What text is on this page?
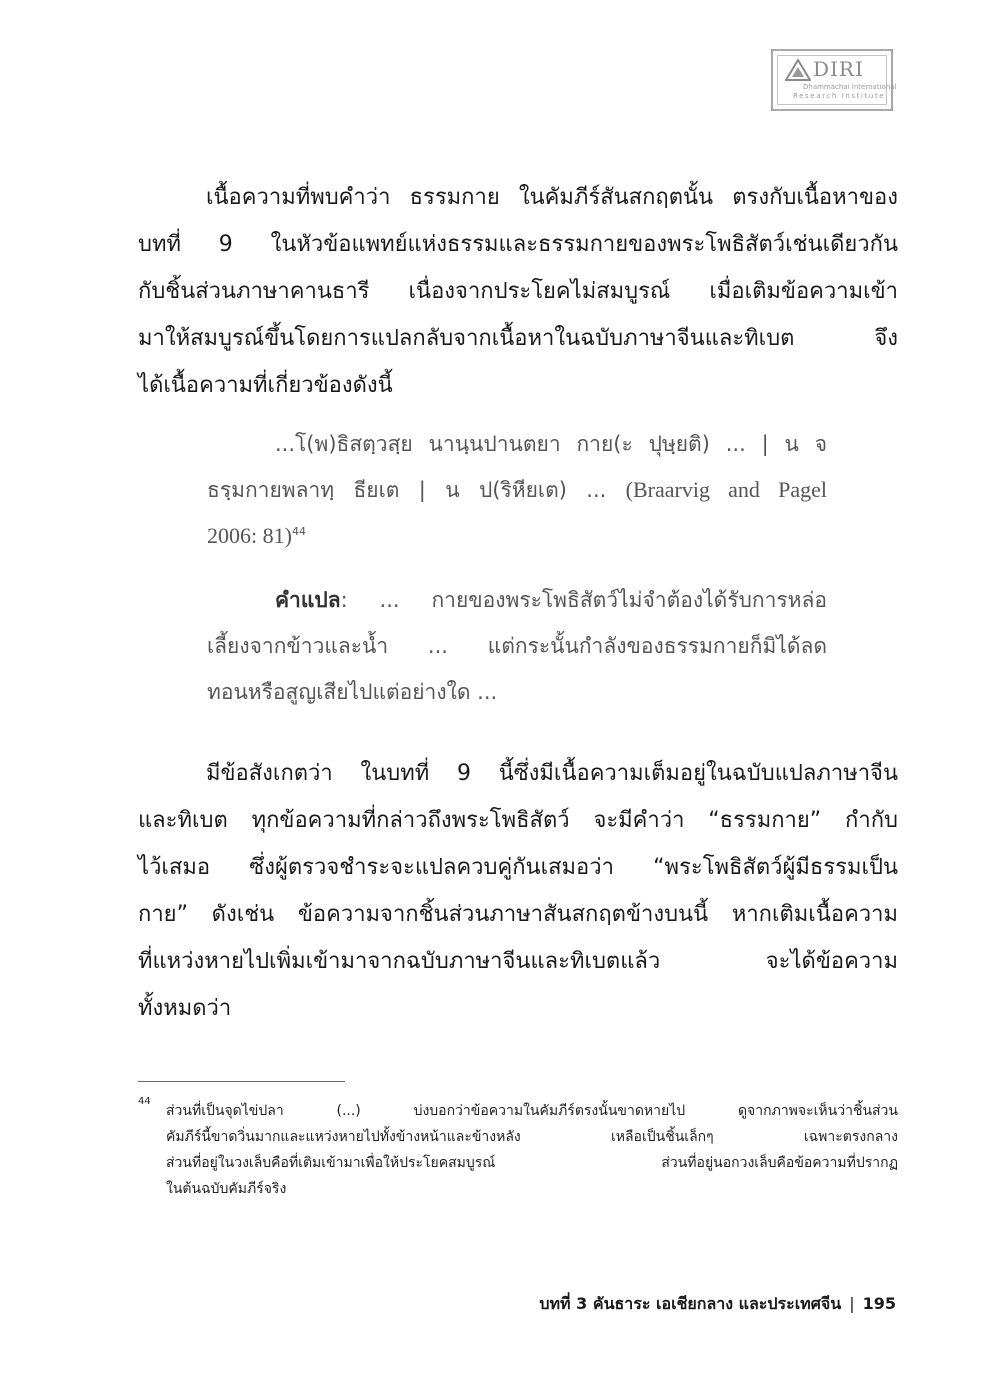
DIRI
Dhammachai International
Research Institute
เนื้อความที่พบคำว่า ธรรมกาย ในคัมภีร์สันสกฤตนั้น ตรงกับเนื้อหาของ
บทที่ 9 ในหัวข้อแพทย์แห่งธรรมและธรรมกายของพระโพธิสัตว์เช่นเดียวกัน
กับชิ้นส่วนภาษาคานธารี เนื่องจากประโยคไม่สมบูรณ์ เมื่อเติมข้อความเข้า
มาให้สมบูรณ์ขึ้นโดยการแปลกลับจากเนื้อหาในฉบับภาษาจีนและทิเบต จึง
ได้เนื้อความที่เกี่ยวข้องดังนี้
...โ(พ)ธิสตฺวสฺย นานฺนปานตยา กาย(ะ ปุษฺยติ) ... | น จ
ธรฺมกายพลาทฺ ธียเต | น ป(ริหียเต) ... (Braarvig and Pagel
2006: 81)$^{44}$
คำแปล: ... กายของพระโพธิสัตว์ไม่จำต้องได้รับการหล่อ
เลี้ยงจากข้าวและน้ำ ... แต่กระนั้นกำลังของธรรมกายก็มิได้ลด
ทอนหรือสูญเสียไปแต่อย่างใด ...
มีข้อสังเกตว่า ในบทที่ 9 นี้ซึ่งมีเนื้อความเต็มอยู่ในฉบับแปลภาษาจีน
และทิเบต ทุกข้อความที่กล่าวถึงพระโพธิสัตว์ จะมีคำว่า “ธรรมกาย” กำกับ
ไว้เสมอ ซึ่งผู้ตรวจชำระจะแปลควบคู่กันเสมอว่า “พระโพธิสัตว์ผู้มีธรรมเป็น
กาย” ดังเช่น ข้อความจากชิ้นส่วนภาษาสันสกฤตข้างบนนี้ หากเติมเนื้อความ
ที่แหว่งหายไปเพิ่มเข้ามาจากฉบับภาษาจีนและทิเบตแล้ว จะได้ข้อความ
ทั้งหมดว่า
44
ส่วนที่เป็นจุดไข่ปลา (...) บ่งบอกว่าข้อความในคัมภีร์ตรงนั้นขาดหายไป ดูจากภาพจะเห็นว่าชิ้นส่วน
คัมภีร์นี้ขาดวิ่นมากและแหว่งหายไปทั้งข้างหน้าและข้างหลัง เหลือเป็นชิ้นเล็กๆ เฉพาะตรงกลาง
ส่วนที่อยู่ในวงเล็บคือที่เติมเข้ามาเพื่อให้ประโยคสมบูรณ์ ส่วนที่อยู่นอกวงเล็บคือข้อความที่ปรากฏ
ในต้นฉบับคัมภีร์จริง
บทที่ 3 คันธาระ เอเชียกลาง และประเทศจีน | 195
